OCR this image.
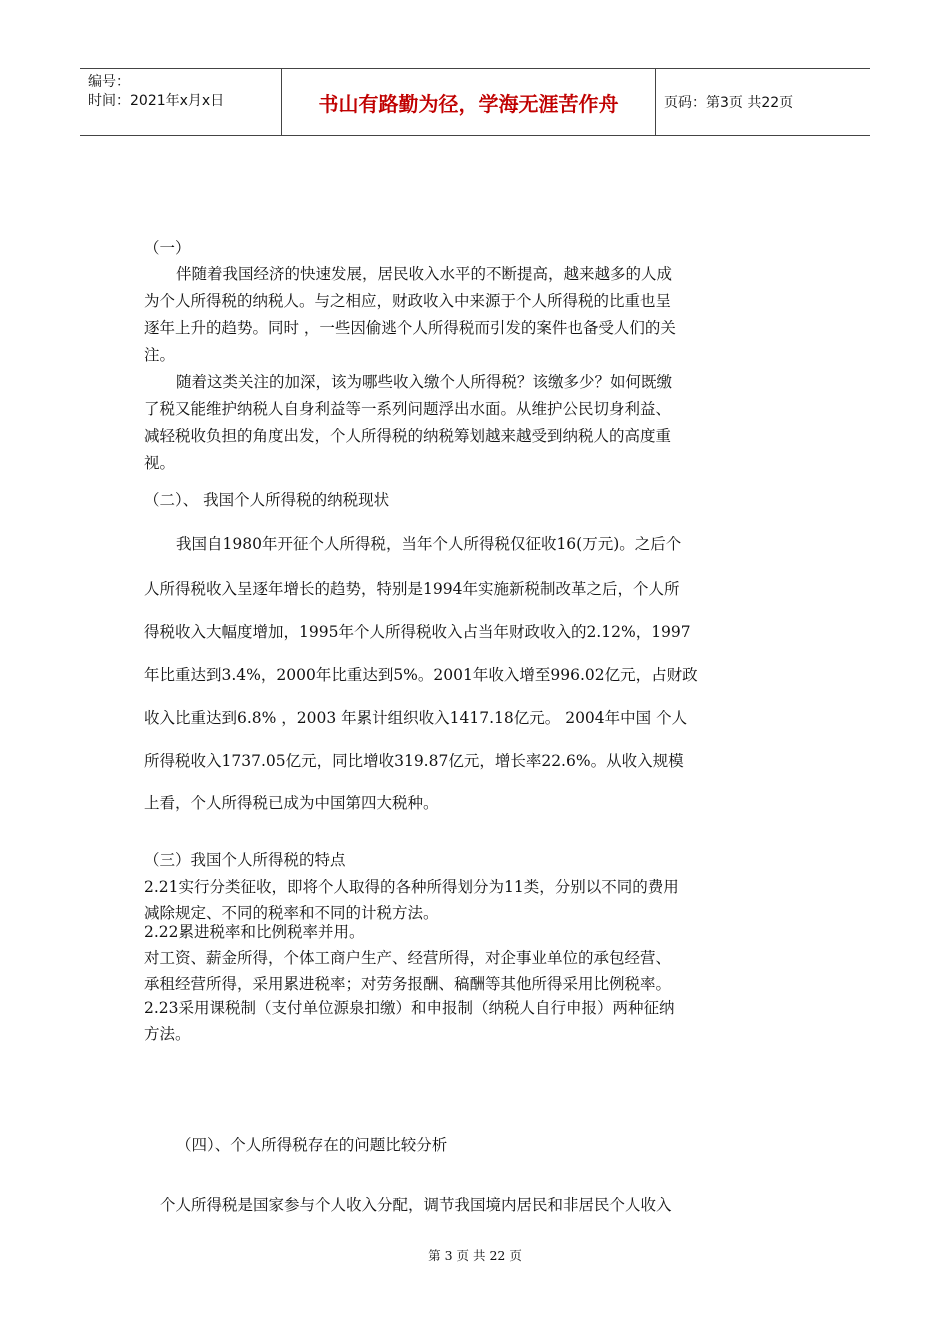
编号：
时间：2021年x月x日	书山有路勤为径，学海无涯苦作舟	页码：第3页 共22页
（一）
伴随着我国经济的快速发展，居民收入水平的不断提高，越来越多的人成
为个人所得税的纳税人。与之相应，财政收入中来源于个人所得税的比重也呈
逐年上升的趋势。同时 ，一些因偷逃个人所得税而引发的案件也备受人们的关
注。
随着这类关注的加深，该为哪些收入缴个人所得税？该缴多少？如何既缴
了税又能维护纳税人自身利益等一系列问题浮出水面。从维护公民切身利益、
减轻税收负担的角度出发，个人所得税的纳税筹划越来越受到纳税人的高度重
视。
（二）、 我国个人所得税的纳税现状
我国自1980年开征个人所得税，当年个人所得税仅征收16(万元)。之后个
人所得税收入呈逐年增长的趋势，特别是1994年实施新税制改革之后，个人所
得税收入大幅度增加，1995年个人所得税收入占当年财政收入的2.12%，1997
年比重达到3.4%，2000年比重达到5%。2001年收入增至996.02亿元，占财政
收入比重达到6.8% ，2003 年累计组织收入1417.18亿元。 2004年中国 个人
所得税收入1737.05亿元，同比增收319.87亿元，增长率22.6%。从收入规模
上看，个人所得税已成为中国第四大税种。
（三）我国个人所得税的特点
2.21实行分类征收，即将个人取得的各种所得划分为11类，分别以不同的费用
减除规定、不同的税率和不同的计税方法。
2.22累进税率和比例税率并用。
对工资、薪金所得，个体工商户生产、经营所得，对企事业单位的承包经营、
承租经营所得，采用累进税率；对劳务报酬、稿酬等其他所得采用比例税率。
2.23采用课税制（支付单位源泉扣缴）和申报制（纳税人自行申报）两种征纳
方法。
（四）、个人所得税存在的问题比较分析
个人所得税是国家参与个人收入分配，调节我国境内居民和非居民个人收入
第 3 页 共 22 页
